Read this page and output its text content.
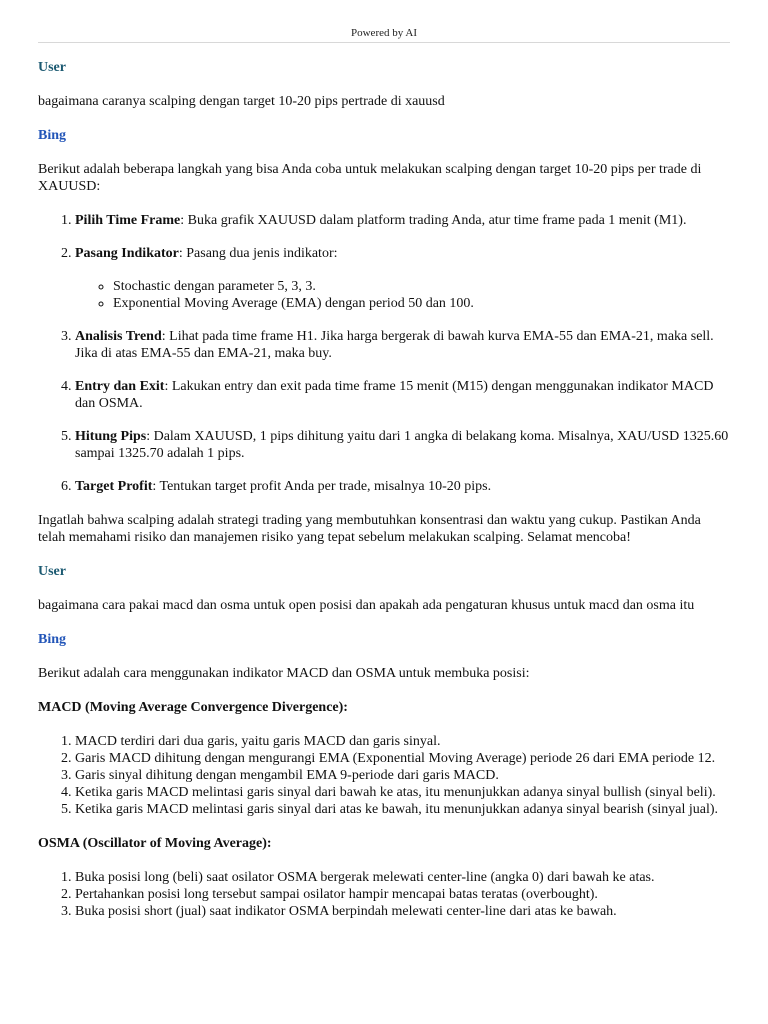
Powered by AI
User

bagaimana caranya scalping dengan target 10-20 pips pertrade di xauusd

Bing

Berikut adalah beberapa langkah yang bisa Anda coba untuk melakukan scalping dengan target 10-20 pips per trade di XAUUSD:

1. Pilih Time Frame: Buka grafik XAUUSD dalam platform trading Anda, atur time frame pada 1 menit (M1).
2. Pasang Indikator: Pasang dua jenis indikator:
◦ Stochastic dengan parameter 5, 3, 3.
◦ Exponential Moving Average (EMA) dengan period 50 dan 100.
3. Analisis Trend: Lihat pada time frame H1. Jika harga bergerak di bawah kurva EMA-55 dan EMA-21, maka sell. Jika di atas EMA-55 dan EMA-21, maka buy.
4. Entry dan Exit: Lakukan entry dan exit pada time frame 15 menit (M15) dengan menggunakan indikator MACD dan OSMA.
5. Hitung Pips: Dalam XAUUSD, 1 pips dihitung yaitu dari 1 angka di belakang koma. Misalnya, XAU/USD 1325.60 sampai 1325.70 adalah 1 pips.
6. Target Profit: Tentukan target profit Anda per trade, misalnya 10-20 pips.

Ingatlah bahwa scalping adalah strategi trading yang membutuhkan konsentrasi dan waktu yang cukup. Pastikan Anda telah memahami risiko dan manajemen risiko yang tepat sebelum melakukan scalping. Selamat mencoba!

User

bagaimana cara pakai macd dan osma untuk open posisi dan apakah ada pengaturan khusus untuk macd dan osma itu

Bing

Berikut adalah cara menggunakan indikator MACD dan OSMA untuk membuka posisi:

MACD (Moving Average Convergence Divergence):
1. MACD terdiri dari dua garis, yaitu garis MACD dan garis sinyal.
2. Garis MACD dihitung dengan mengurangi EMA (Exponential Moving Average) periode 26 dari EMA periode 12.
3. Garis sinyal dihitung dengan mengambil EMA 9-periode dari garis MACD.
4. Ketika garis MACD melintasi garis sinyal dari bawah ke atas, itu menunjukkan adanya sinyal bullish (sinyal beli).
5. Ketika garis MACD melintasi garis sinyal dari atas ke bawah, itu menunjukkan adanya sinyal bearish (sinyal jual).
OSMA (Oscillator of Moving Average):
1. Buka posisi long (beli) saat osilator OSMA bergerak melewati center-line (angka 0) dari bawah ke atas.
2. Pertahankan posisi long tersebut sampai osilator hampir mencapai batas teratas (overbought).
3. Buka posisi short (jual) saat indikator OSMA berpindah melewati center-line dari atas ke bawah.
